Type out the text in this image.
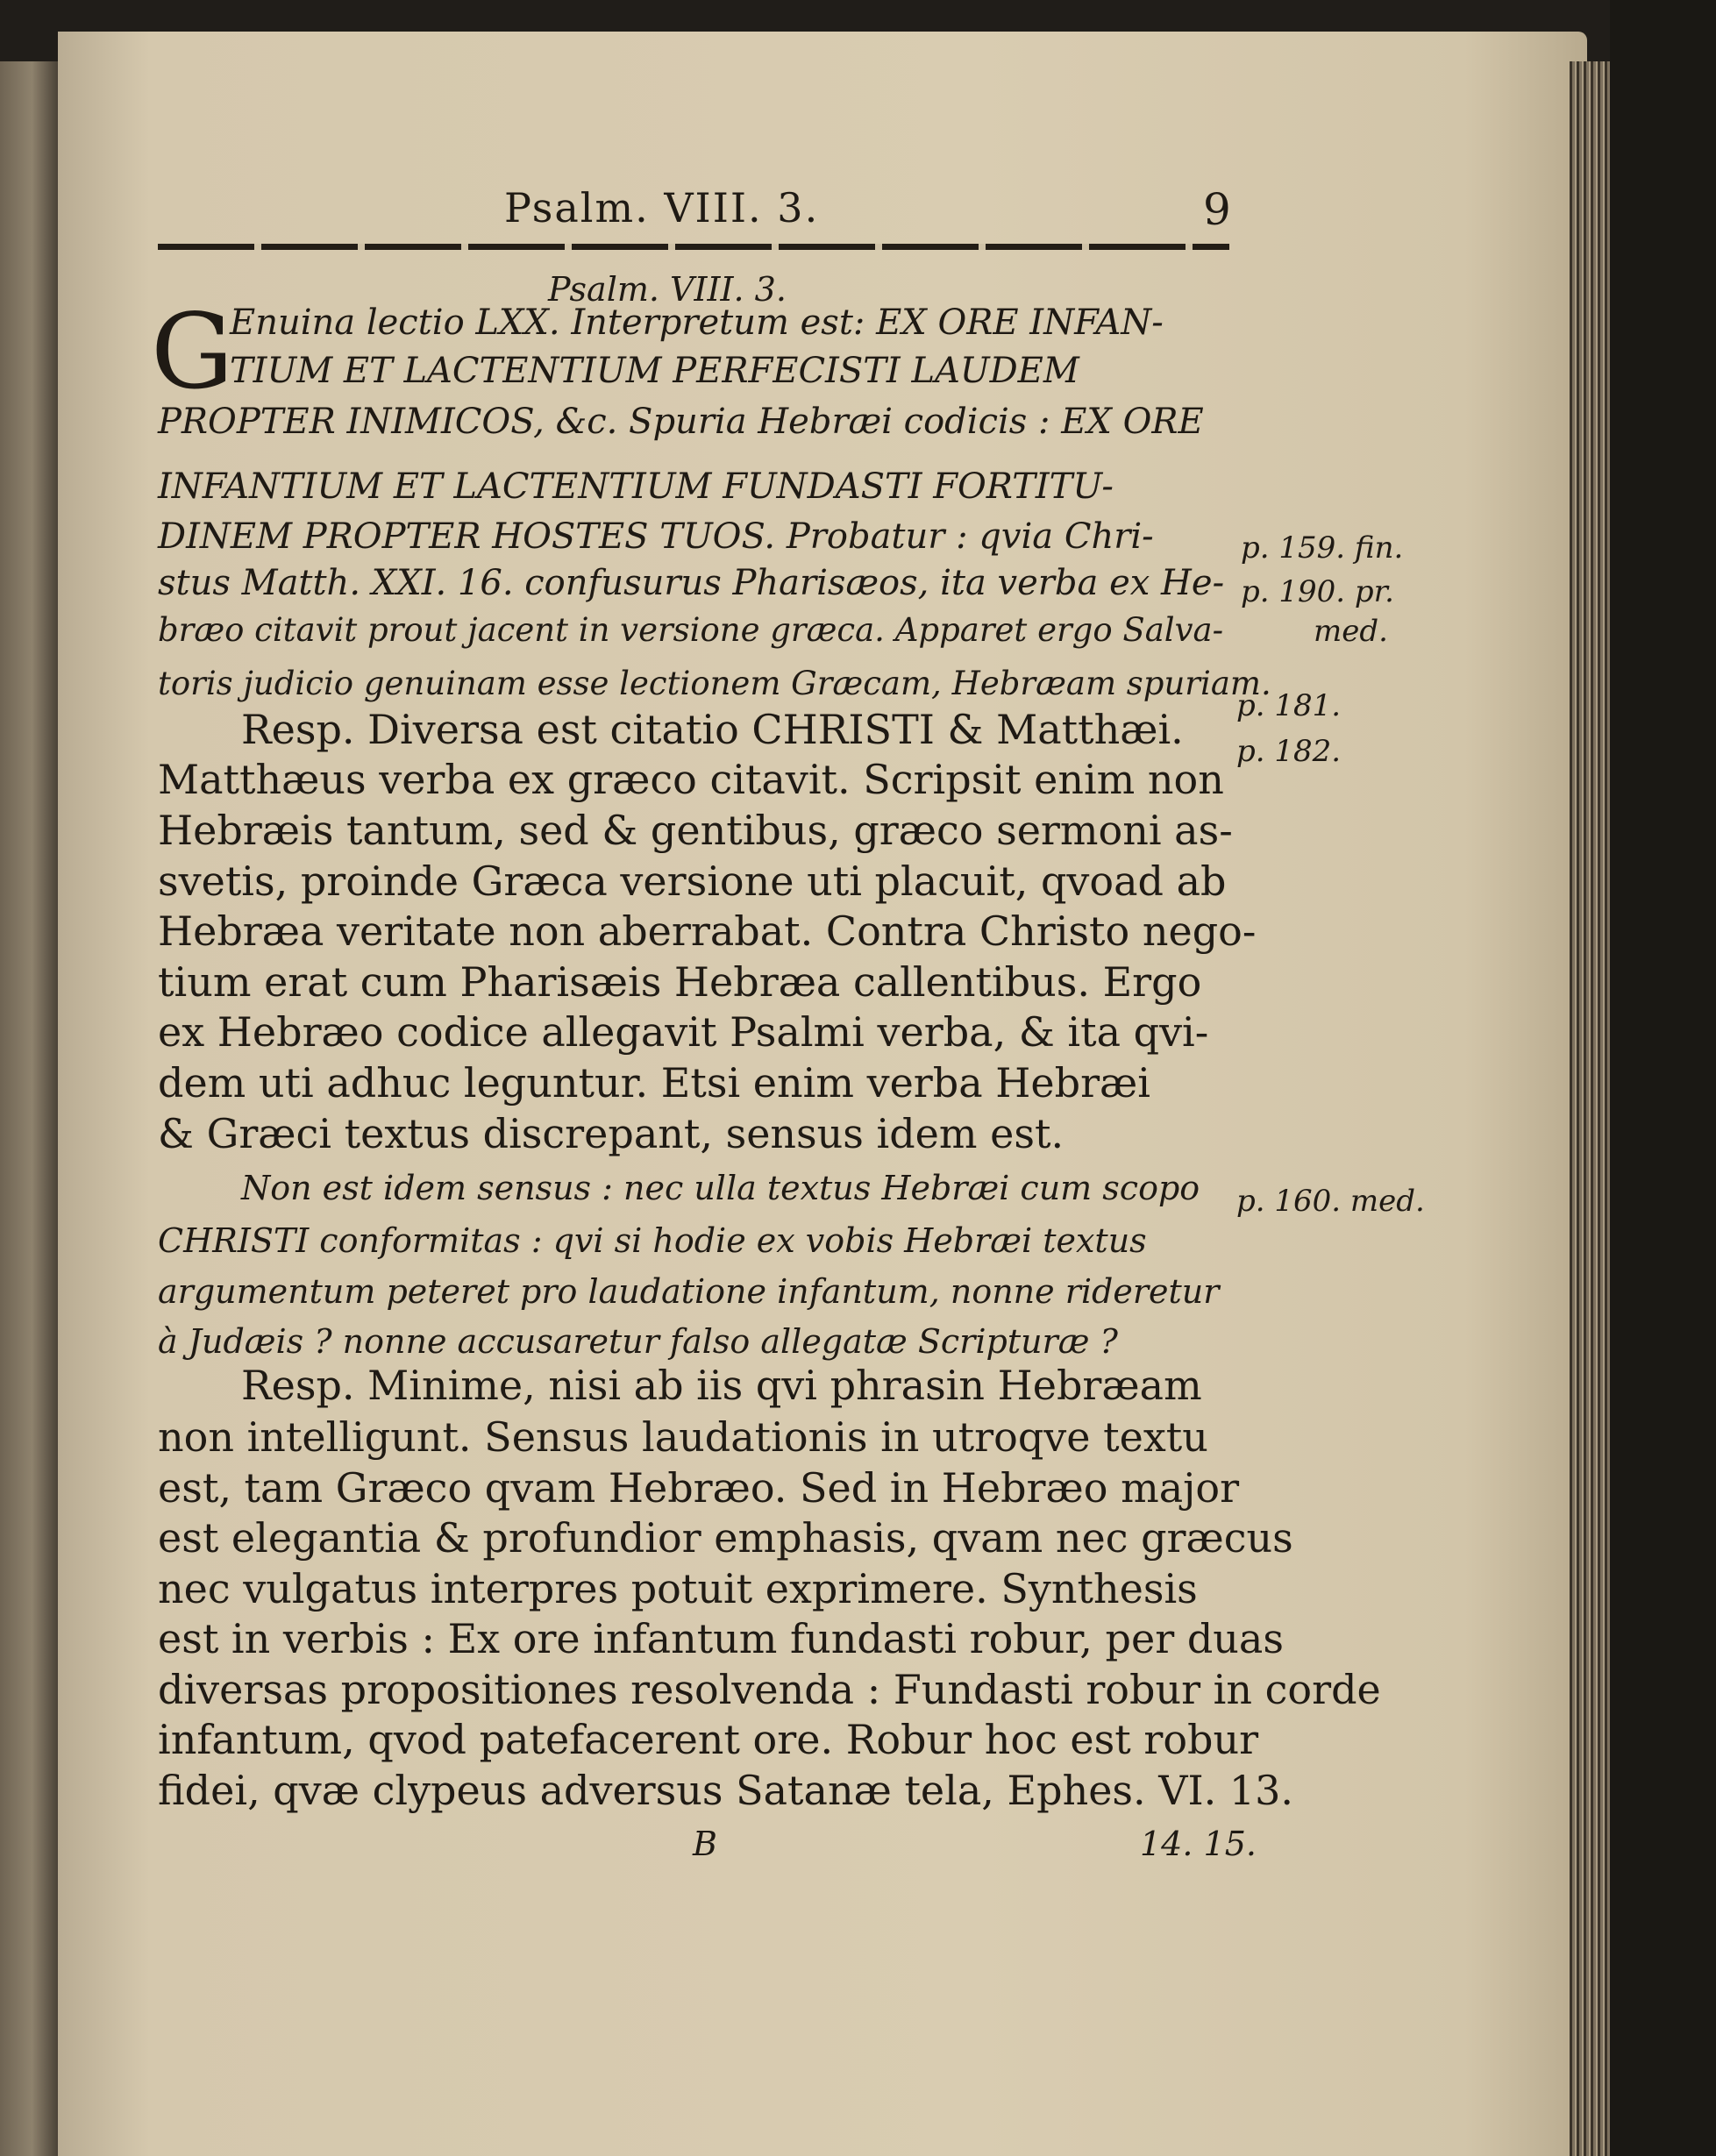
Psalm. VIII. 3.	9
Psalm. VIII. 3.
G
Enuina lectio LXX. Interpretum est: EX ORE INFAN-
TIUM ET LACTENTIUM PERFECISTI LAUDEM
PROPTER INIMICOS, &c. Spuria Hebræi codicis : EX ORE
INFANTIUM ET LACTENTIUM FUNDASTI FORTITU-
DINEM PROPTER HOSTES TUOS. Probatur : qvia Chri-
stus Matth. XXI. 16. confusurus Pharisæos, ita verba ex He-
bræo citavit prout jacent in versione græca. Apparet ergo Salva-
toris judicio genuinam esse lectionem Græcam, Hebræam spuriam.
Resp. Diversa est citatio CHRISTI & Matthæi.
Matthæus verba ex græco citavit. Scripsit enim non
Hebræis tantum, sed & gentibus, græco sermoni as-
svetis, proinde Græca versione uti placuit, qvoad ab
Hebræa veritate non aberrabat. Contra Christo nego-
tium erat cum Pharisæis Hebræa callentibus. Ergo
ex Hebræo codice allegavit Psalmi verba, & ita qvi-
dem uti adhuc leguntur. Etsi enim verba Hebræi
& Græci textus discrepant, sensus idem est.
Non est idem sensus : nec ulla textus Hebræi cum scopo
CHRISTI conformitas : qvi si hodie ex vobis Hebræi textus
argumentum peteret pro laudatione infantum, nonne rideretur
à Judæis ? nonne accusaretur falso allegatæ Scripturæ ?
Resp. Minime, nisi ab iis qvi phrasin Hebræam
non intelligunt. Sensus laudationis in utroqve textu
est, tam Græco qvam Hebræo. Sed in Hebræo major
est elegantia & profundior emphasis, qvam nec græcus
nec vulgatus interpres potuit exprimere. Synthesis
est in verbis : Ex ore infantum fundasti robur, per duas
diversas propositiones resolvenda : Fundasti robur in corde
infantum, qvod patefacerent ore. Robur hoc est robur
fidei, qvæ clypeus adversus Satanæ tela, Ephes. VI. 13.
p. 159. fin.
p. 190. pr.
med.
p. 181.
p. 182.
p. 160. med.
B	14. 15.
